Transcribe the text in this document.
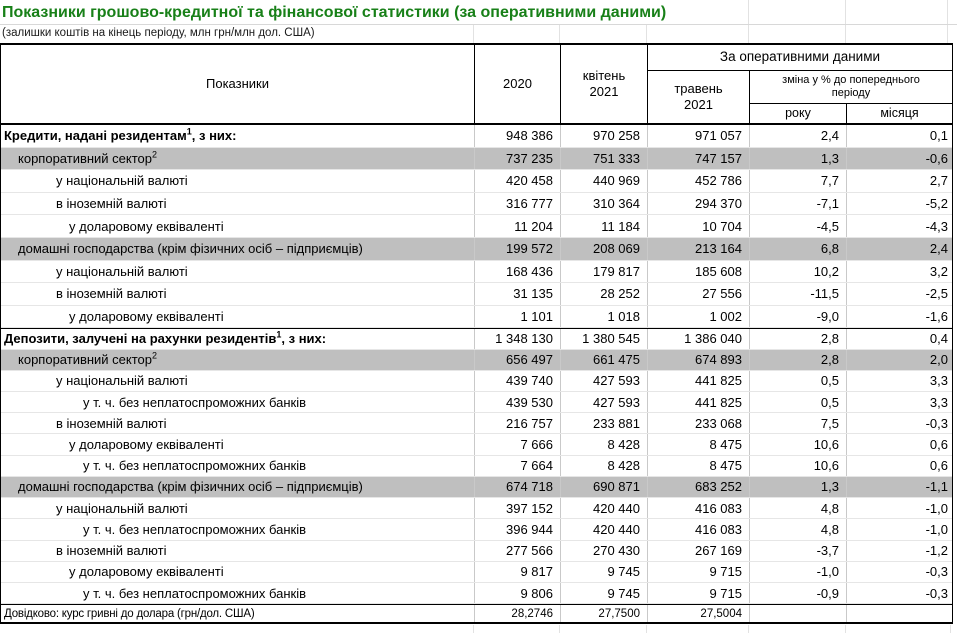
Показники грошово-кредитної та фінансової статистики (за оперативними даними)
(залишки коштів на кінець періоду, млн грн/млн дол. США)
Показники	2020
квітень
2021
За оперативними даними
травень
2021
зміна у % до попереднього періоду
року	місяця
Кредити, надані резидентам$^1$, з них:	948 386	970 258	971 057	2,4	0,1
корпоративний сектор$^2$	737 235	751 333	747 157	1,3	-0,6
у національній валюті	420 458	440 969	452 786	7,7	2,7
в іноземній валюті	316 777	310 364	294 370	-7,1	-5,2
у доларовому еквіваленті	11 204	11 184	10 704	-4,5	-4,3
домашні господарства (крім фізичних осіб – підприємців)	199 572	208 069	213 164	6,8	2,4
у національній валюті	168 436	179 817	185 608	10,2	3,2
в іноземній валюті	31 135	28 252	27 556	-11,5	-2,5
у доларовому еквіваленті	1 101	1 018	1 002	-9,0	-1,6
Депозити, залучені на рахунки резидентів$^1$, з них:	1 348 130	1 380 545	1 386 040	2,8	0,4
корпоративний сектор$^2$	656 497	661 475	674 893	2,8	2,0
у національній валюті	439 740	427 593	441 825	0,5	3,3
у т. ч. без неплатоспроможних банків	439 530	427 593	441 825	0,5	3,3
в іноземній валюті	216 757	233 881	233 068	7,5	-0,3
у доларовому еквіваленті	7 666	8 428	8 475	10,6	0,6
у т. ч. без неплатоспроможних банків	7 664	8 428	8 475	10,6	0,6
домашні господарства (крім фізичних осіб – підприємців)	674 718	690 871	683 252	1,3	-1,1
у національній валюті	397 152	420 440	416 083	4,8	-1,0
у т. ч. без неплатоспроможних банків	396 944	420 440	416 083	4,8	-1,0
в іноземній валюті	277 566	270 430	267 169	-3,7	-1,2
у доларовому еквіваленті	9 817	9 745	9 715	-1,0	-0,3
у т. ч. без неплатоспроможних банків	9 806	9 745	9 715	-0,9	-0,3
Довідково: курс гривні до долара (грн/дол. США)	28,2746	27,7500	27,5004
